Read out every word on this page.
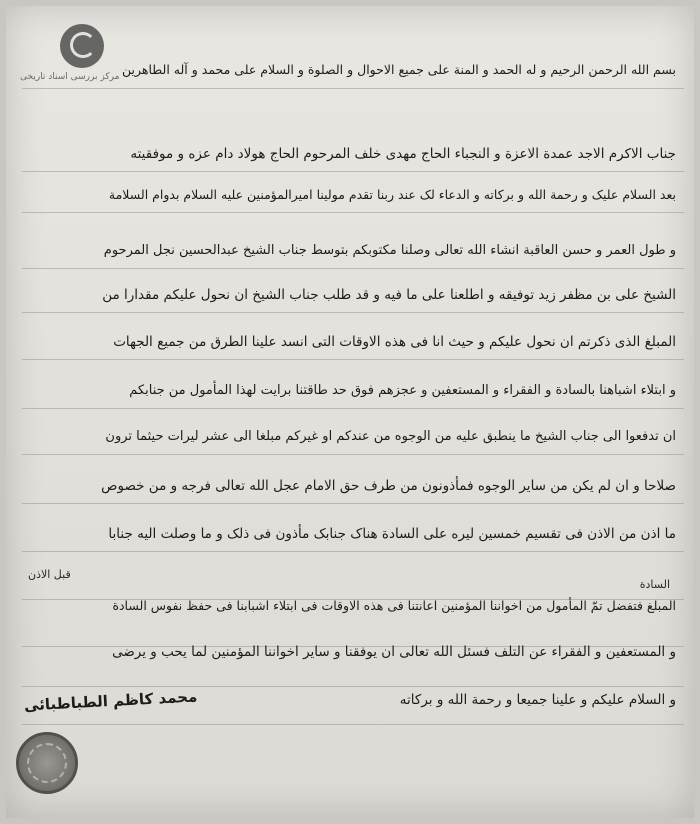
مرکز بررسی اسناد تاریخی بسم الله الرحمن الرحیم و له الحمد و المنة علی جمیع الاحوال و الصلوة و السلام علی محمد و آله الطاهرین
جناب الاکرم الاجد عمدة الاعزة و النجباء الحاج مهدی خلف المرحوم الحاج هولاد دام عزه و موفقیته
بعد السلام علیک و رحمة الله و برکاته و الدعاء لک عند ربنا تقدم مولینا امیرالمؤمنین علیه السلام بدوام السلامة
و طول العمر و حسن العاقبة انشاء الله تعالی وصلنا مکتوبکم بتوسط جناب الشیخ عبدالحسین نجل المرحوم
الشیخ علی بن مظفر زید توفیقه و اطلعنا علی ما فیه و قد طلب جناب الشیخ ان نحول علیکم مقدارا من
المبلغ الذی ذکرتم ان نحول علیکم و حیث انا فی هذه الاوقات التی انسد علینا الطرق من جمیع الجهات
و ابتلاء اشباهنا بالسادة و الفقراء و المستعفین و عجزهم فوق حد طاقتنا برایت لهذا المأمول من جنابکم
ان تدفعوا الی جناب الشیخ ما ینطبق علیه من الوجوه من عندکم او غیرکم مبلغا الی عشر لیرات حیثما ترون
صلاحا و ان لم یکن من سایر الوجوه فمأذونون من طرف حق الامام عجل الله تعالی فرجه و من خصوص
ما اذن من الاذن فی تقسیم خمسین لیره علی السادة هناک جنابک مأذون فی ذلک و ما وصلت الیه جنابا
المبلغ فتفضل تمّ المأمول من اخواننا المؤمنین اعانتنا فی هذه الاوقات فی ابتلاء اشبابنا فی حفظ نفوس السادة
و المستعفین و الفقراء عن التلف فسئل الله تعالی ان یوفقنا و سایر اخواننا المؤمنین لما یحب و یرضی
و السلام علیکم و علینا جمیعا و رحمة الله و برکاته
قبل الاذن
السادة
محمد کاظم الطباطبائی
